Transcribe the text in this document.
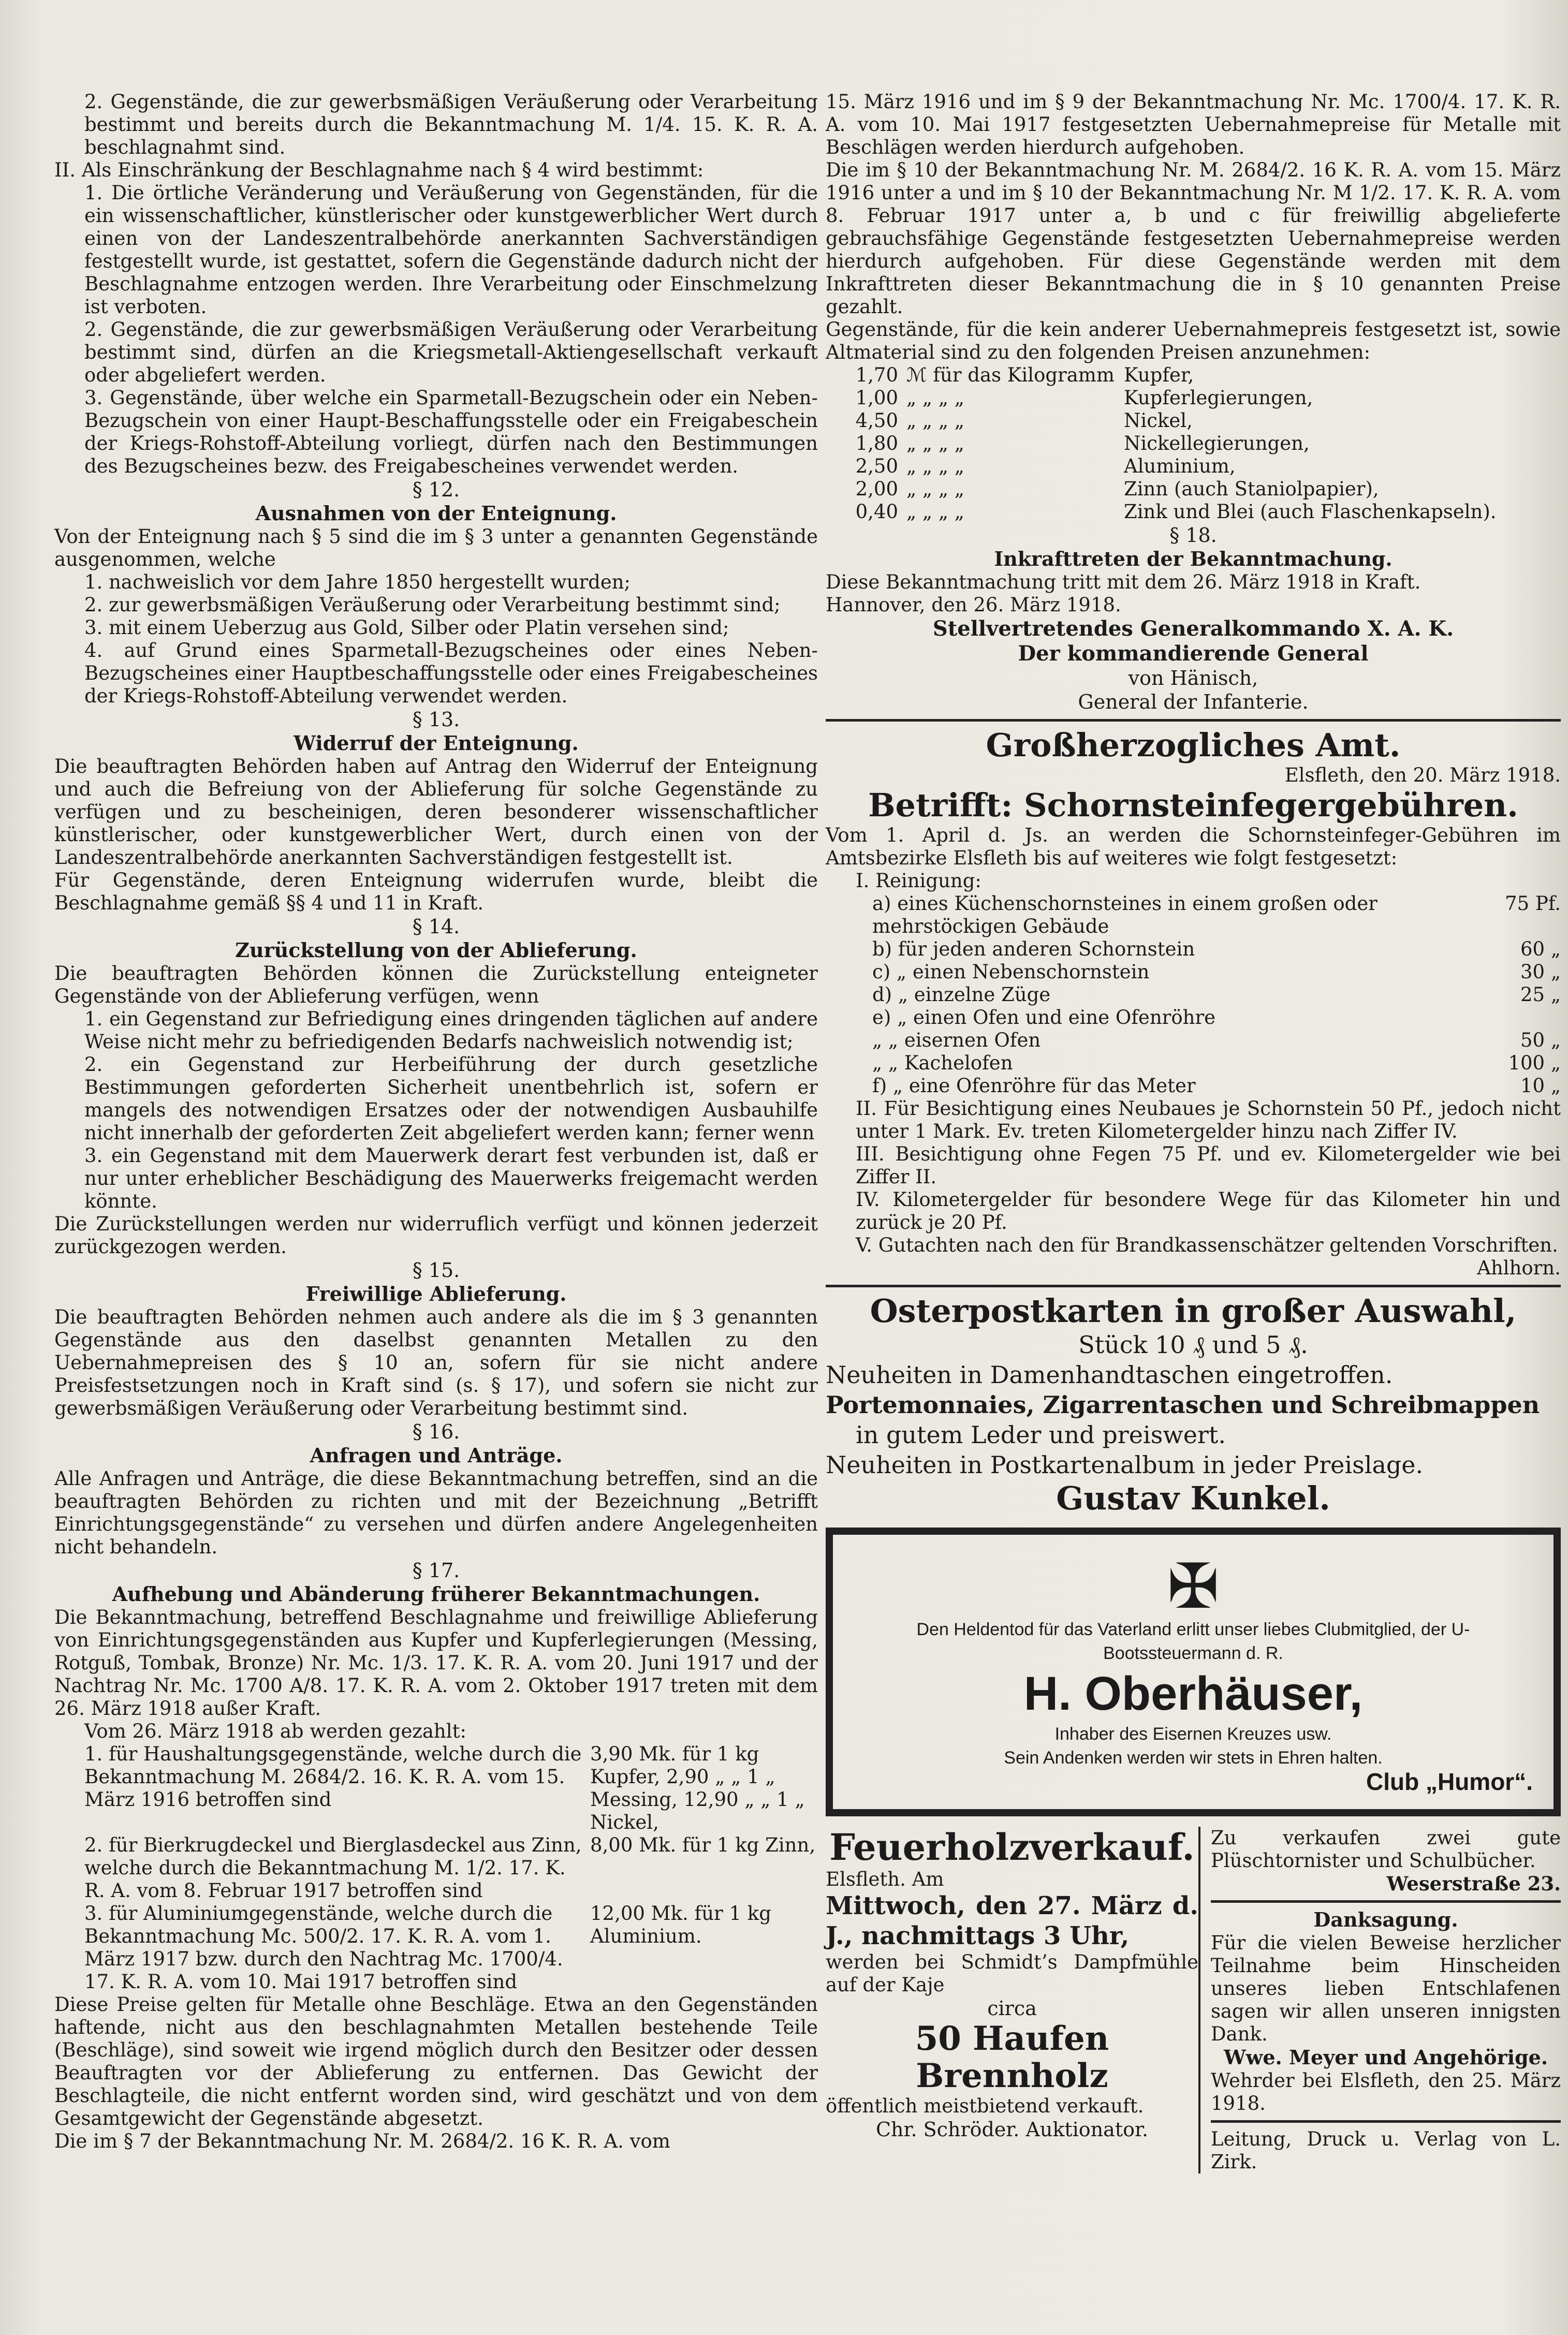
2. Gegenstände, die zur gewerbsmäßigen Veräußerung oder Verarbeitung bestimmt und bereits durch die Bekanntmachung M. 1/4. 15. K. R. A. beschlagnahmt sind.

II. Als Einschränkung der Beschlagnahme nach § 4 wird bestimmt:

1. Die örtliche Veränderung und Veräußerung von Gegenständen, für die ein wissenschaftlicher, künstlerischer oder kunstgewerblicher Wert durch einen von der Landeszentralbehörde anerkannten Sachverständigen festgestellt wurde, ist gestattet, sofern die Gegenstände dadurch nicht der Beschlagnahme entzogen werden. Ihre Verarbeitung oder Einschmelzung ist verboten.

2. Gegenstände, die zur gewerbsmäßigen Veräußerung oder Verarbeitung bestimmt sind, dürfen an die Kriegsmetall-Aktiengesellschaft verkauft oder abgeliefert werden.

3. Gegenstände, über welche ein Sparmetall-Bezugschein oder ein Neben-Bezugschein von einer Haupt-Beschaffungsstelle oder ein Freigabeschein der Kriegs-Rohstoff-Abteilung vorliegt, dürfen nach den Bestimmungen des Bezugscheines bezw. des Freigabescheines verwendet werden.

§ 12.

Ausnahmen von der Enteignung.

Von der Enteignung nach § 5 sind die im § 3 unter a genannten Gegenstände ausgenommen, welche

1. nachweislich vor dem Jahre 1850 hergestellt wurden;

2. zur gewerbsmäßigen Veräußerung oder Verarbeitung bestimmt sind;

3. mit einem Ueberzug aus Gold, Silber oder Platin versehen sind;

4. auf Grund eines Sparmetall-Bezugscheines oder eines Neben-Bezugscheines einer Hauptbeschaffungsstelle oder eines Freigabescheines der Kriegs-Rohstoff-Abteilung verwendet werden.

§ 13.

Widerruf der Enteignung.

Die beauftragten Behörden haben auf Antrag den Widerruf der Enteignung und auch die Befreiung von der Ablieferung für solche Gegenstände zu verfügen und zu bescheinigen, deren besonderer wissenschaftlicher künstlerischer, oder kunstgewerblicher Wert, durch einen von der Landeszentralbehörde anerkannten Sachverständigen festgestellt ist.

Für Gegenstände, deren Enteignung widerrufen wurde, bleibt die Beschlagnahme gemäß §§ 4 und 11 in Kraft.

§ 14.

Zurückstellung von der Ablieferung.

Die beauftragten Behörden können die Zurückstellung enteigneter Gegenstände von der Ablieferung verfügen, wenn

1. ein Gegenstand zur Befriedigung eines dringenden täglichen auf andere Weise nicht mehr zu befriedigenden Bedarfs nachweislich notwendig ist;

2. ein Gegenstand zur Herbeiführung der durch gesetzliche Bestimmungen geforderten Sicherheit unentbehrlich ist, sofern er mangels des notwendigen Ersatzes oder der notwendigen Ausbauhilfe nicht innerhalb der geforderten Zeit abgeliefert werden kann; ferner wenn

3. ein Gegenstand mit dem Mauerwerk derart fest verbunden ist, daß er nur unter erheblicher Beschädigung des Mauerwerks freigemacht werden könnte.

Die Zurückstellungen werden nur widerruflich verfügt und können jederzeit zurückgezogen werden.

§ 15.

Freiwillige Ablieferung.

Die beauftragten Behörden nehmen auch andere als die im § 3 genannten Gegenstände aus den daselbst genannten Metallen zu den Uebernahmepreisen des § 10 an, sofern für sie nicht andere Preisfestsetzungen noch in Kraft sind (s. § 17), und sofern sie nicht zur gewerbsmäßigen Veräußerung oder Verarbeitung bestimmt sind.

§ 16.

Anfragen und Anträge.

Alle Anfragen und Anträge, die diese Bekanntmachung betreffen, sind an die beauftragten Behörden zu richten und mit der Bezeichnung „Betrifft Einrichtungsgegenstände“ zu versehen und dürfen andere Angelegenheiten nicht behandeln.

§ 17.

Aufhebung und Abänderung früherer Bekanntmachungen.

Die Bekanntmachung, betreffend Beschlagnahme und freiwillige Ablieferung von Einrichtungsgegenständen aus Kupfer und Kupferlegierungen (Messing, Rotguß, Tombak, Bronze) Nr. Mc. 1/3. 17. K. R. A. vom 20. Juni 1917 und der Nachtrag Nr. Mc. 1700 A/8. 17. K. R. A. vom 2. Oktober 1917 treten mit dem 26. März 1918 außer Kraft.

Vom 26. März 1918 ab werden gezahlt:

1. für Haushaltungsgegenstände, welche durch die Bekanntmachung M. 2684/2. 16. K. R. A. vom 15. März 1916 betroffen sind
3,90 Mk. für 1 kg Kupfer, 2,90 „ „ 1 „ Messing, 12,90 „ „ 1 „ Nickel,
2. für Bierkrugdeckel und Bierglasdeckel aus Zinn, welche durch die Bekanntmachung M. 1/2. 17. K. R. A. vom 8. Februar 1917 betroffen sind
8,00 Mk. für 1 kg Zinn,
3. für Aluminiumgegenstände, welche durch die Bekanntmachung Mc. 500/2. 17. K. R. A. vom 1. März 1917 bzw. durch den Nachtrag Mc. 1700/4. 17. K. R. A. vom 10. Mai 1917 betroffen sind
12,00 Mk. für 1 kg Aluminium.

Diese Preise gelten für Metalle ohne Beschläge. Etwa an den Gegenständen haftende, nicht aus den beschlagnahmten Metallen bestehende Teile (Beschläge), sind soweit wie irgend möglich durch den Besitzer oder dessen Beauftragten vor der Ablieferung zu entfernen. Das Gewicht der Beschlagteile, die nicht entfernt worden sind, wird geschätzt und von dem Gesamtgewicht der Gegenstände abgesetzt.

Die im § 7 der Bekanntmachung Nr. M. 2684/2. 16 K. R. A. vom

15. März 1916 und im § 9 der Bekanntmachung Nr. Mc. 1700/4. 17. K. R. A. vom 10. Mai 1917 festgesetzten Uebernahmepreise für Metalle mit Beschlägen werden hierdurch aufgehoben.

Die im § 10 der Bekanntmachung Nr. M. 2684/2. 16 K. R. A. vom 15. März 1916 unter a und im § 10 der Bekanntmachung Nr. M 1/2. 17. K. R. A. vom 8. Februar 1917 unter a, b und c für freiwillig abgelieferte gebrauchsfähige Gegenstände festgesetzten Uebernahmepreise werden hierdurch aufgehoben. Für diese Gegenstände werden mit dem Inkrafttreten dieser Bekanntmachung die in § 10 genannten Preise gezahlt.

Gegenstände, für die kein anderer Uebernahmepreis festgesetzt ist, sowie Altmaterial sind zu den folgenden Preisen anzunehmen:

1,70 ℳ für das Kilogramm Kupfer,
1,00 „ „ „ „	Kupferlegierungen,
4,50 „ „ „ „	Nickel,
1,80 „ „ „ „	Nickellegierungen,
2,50 „ „ „ „	Aluminium,
2,00 „ „ „ „	Zinn (auch Staniolpapier),
0,40 „ „ „ „	Zink und Blei (auch Flaschenkapseln).

§ 18.

Inkrafttreten der Bekanntmachung.

Diese Bekanntmachung tritt mit dem 26. März 1918 in Kraft.

Hannover, den 26. März 1918.

Stellvertretendes Generalkommando X. A. K.

Der kommandierende General

von Hänisch,

General der Infanterie.

Großherzogliches Amt.

Elsfleth, den 20. März 1918.

Betrifft: Schornsteinfegergebühren.

Vom 1. April d. Js. an werden die Schornsteinfeger-Gebühren im Amtsbezirke Elsfleth bis auf weiteres wie folgt festgesetzt:

I. Reinigung:

a) eines Küchenschornsteines in einem großen oder mehrstöckigen Gebäude
75 Pf.
b) für jeden anderen Schornstein	60 „
c) „ einen Nebenschornstein	30 „
d) „ einzelne Züge	25 „
e) „ einen Ofen und eine Ofenröhre
„ „ eisernen Ofen	50 „
„ „ Kachelofen	100 „
f) „ eine Ofenröhre für das Meter	10 „

II. Für Besichtigung eines Neubaues je Schornstein 50 Pf., jedoch nicht unter 1 Mark. Ev. treten Kilometergelder hinzu nach Ziffer IV.

III. Besichtigung ohne Fegen 75 Pf. und ev. Kilometergelder wie bei Ziffer II.

IV. Kilometergelder für besondere Wege für das Kilometer hin und zurück je 20 Pf.

V. Gutachten nach den für Brandkassenschätzer geltenden Vorschriften.

Ahlhorn.

Osterpostkarten in großer Auswahl,

Stück 10 ₰ und 5 ₰.

Neuheiten in Damenhandtaschen eingetroffen.

Portemonnaies, Zigarrentaschen und Schreibmappen

in gutem Leder und preiswert.

Neuheiten in Postkartenalbum in jeder Preislage.

Gustav Kunkel.

✠

Den Heldentod für das Vaterland erlitt unser liebes Clubmitglied, der U-Bootssteuermann d. R.

H. Oberhäuser,

Inhaber des Eisernen Kreuzes usw.

Sein Andenken werden wir stets in Ehren halten.

Club „Humor“.

Feuerholzverkauf.

Elsfleth. Am

Mittwoch, den 27. März d. J., nachmittags 3 Uhr,

werden bei Schmidt’s Dampfmühle auf der Kaje

circa

50 Haufen Brennholz

öffentlich meistbietend verkauft.

Chr. Schröder. Auktionator.

Zu verkaufen zwei gute Plüschtornister und Schulbücher.

Weserstraße 23.

Danksagung.

Für die vielen Beweise herzlicher Teilnahme beim Hinscheiden unseres lieben Entschlafenen sagen wir allen unseren innigsten Dank.

Wwe. Meyer und Angehörige.

Wehrder bei Elsfleth, den 25. März 1918.

Leitung, Druck u. Verlag von L. Zirk.
